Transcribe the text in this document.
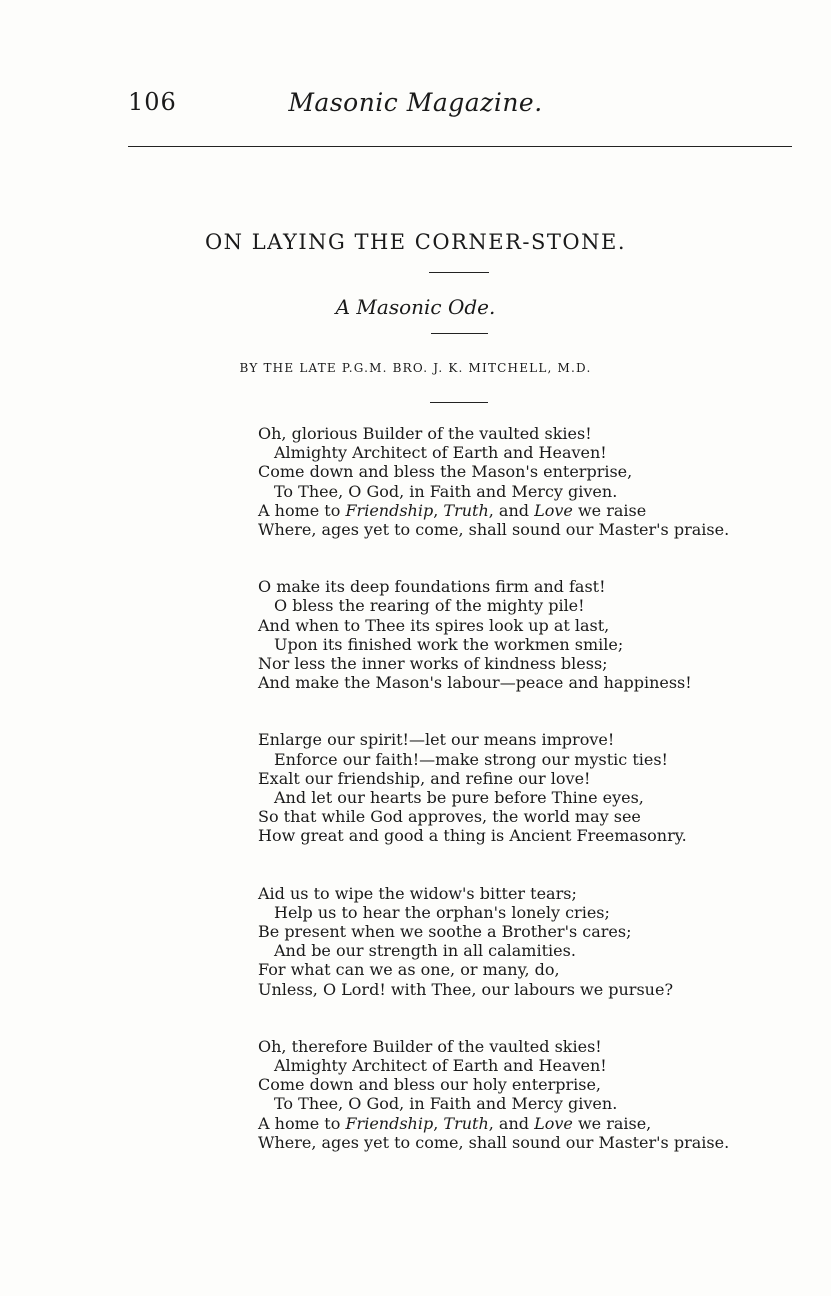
106	Masonic Magazine.
ON LAYING THE CORNER-STONE.
A Masonic Ode.
BY THE LATE P.G.M. BRO. J. K. MITCHELL, M.D.
Oh, glorious Builder of the vaulted skies!
Almighty Architect of Earth and Heaven!
Come down and bless the Mason's enterprise,
To Thee, O God, in Faith and Mercy given.
A home to Friendship, Truth, and Love we raise
Where, ages yet to come, shall sound our Master's praise.
O make its deep foundations firm and fast!
O bless the rearing of the mighty pile!
And when to Thee its spires look up at last,
Upon its finished work the workmen smile;
Nor less the inner works of kindness bless;
And make the Mason's labour—peace and happiness!
Enlarge our spirit!—let our means improve!
Enforce our faith!—make strong our mystic ties!
Exalt our friendship, and refine our love!
And let our hearts be pure before Thine eyes,
So that while God approves, the world may see
How great and good a thing is Ancient Freemasonry.
Aid us to wipe the widow's bitter tears;
Help us to hear the orphan's lonely cries;
Be present when we soothe a Brother's cares;
And be our strength in all calamities.
For what can we as one, or many, do,
Unless, O Lord! with Thee, our labours we pursue?
Oh, therefore Builder of the vaulted skies!
Almighty Architect of Earth and Heaven!
Come down and bless our holy enterprise,
To Thee, O God, in Faith and Mercy given.
A home to Friendship, Truth, and Love we raise,
Where, ages yet to come, shall sound our Master's praise.
